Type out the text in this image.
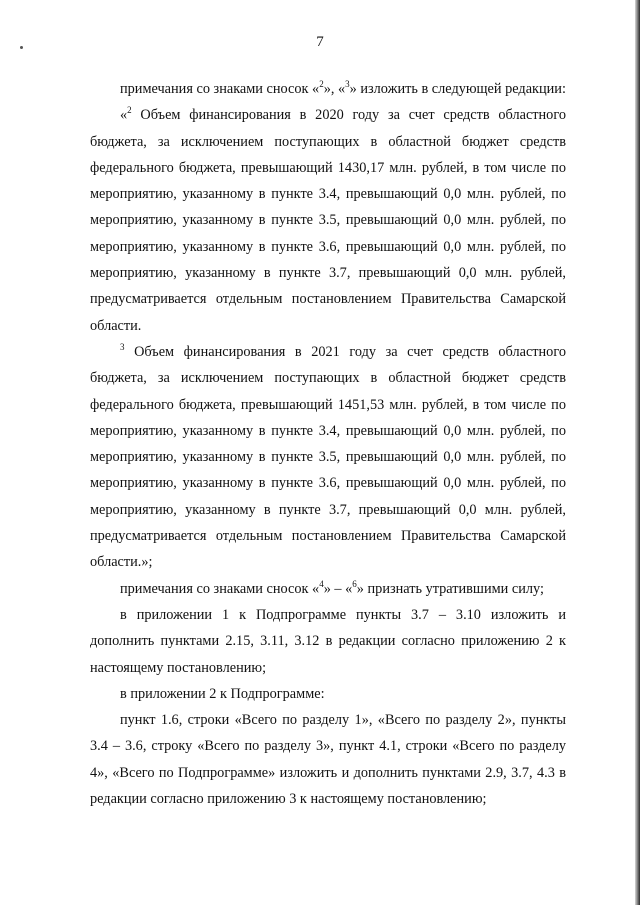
7

примечания со знаками сносок «$^2$», «$^3$» изложить в следующей редакции:

«$^2$ Объем финансирования в 2020 году за счет средств областного бюджета, за исключением поступающих в областной бюджет средств федерального бюджета, превышающий 1430,17 млн. рублей, в том числе по мероприятию, указанному в пункте 3.4, превышающий 0,0 млн. рублей, по мероприятию, указанному в пункте 3.5, превышающий 0,0 млн. рублей, по мероприятию, указанному в пункте 3.6, превышающий 0,0 млн. рублей, по мероприятию, указанному в пункте 3.7, превышающий 0,0 млн. рублей, предусматривается отдельным постановлением Правительства Самарской области.

$^3$ Объем финансирования в 2021 году за счет средств областного бюджета, за исключением поступающих в областной бюджет средств федерального бюджета, превышающий 1451,53 млн. рублей, в том числе по мероприятию, указанному в пункте 3.4, превышающий 0,0 млн. рублей, по мероприятию, указанному в пункте 3.5, превышающий 0,0 млн. рублей, по мероприятию, указанному в пункте 3.6, превышающий 0,0 млн. рублей, по мероприятию, указанному в пункте 3.7, превышающий 0,0 млн. рублей, предусматривается отдельным постановлением Правительства Самарской области.»;

примечания со знаками сносок «$^4$» – «$^6$» признать утратившими силу;

в приложении 1 к Подпрограмме пункты 3.7 – 3.10 изложить и дополнить пунктами 2.15, 3.11, 3.12 в редакции согласно приложению 2 к настоящему постановлению;

в приложении 2 к Подпрограмме:

пункт 1.6, строки «Всего по разделу 1», «Всего по разделу 2», пункты 3.4 – 3.6, строку «Всего по разделу 3», пункт 4.1, строки «Всего по разделу 4», «Всего по Подпрограмме» изложить и дополнить пунктами 2.9, 3.7, 4.3 в редакции согласно приложению 3 к настоящему постановлению;
